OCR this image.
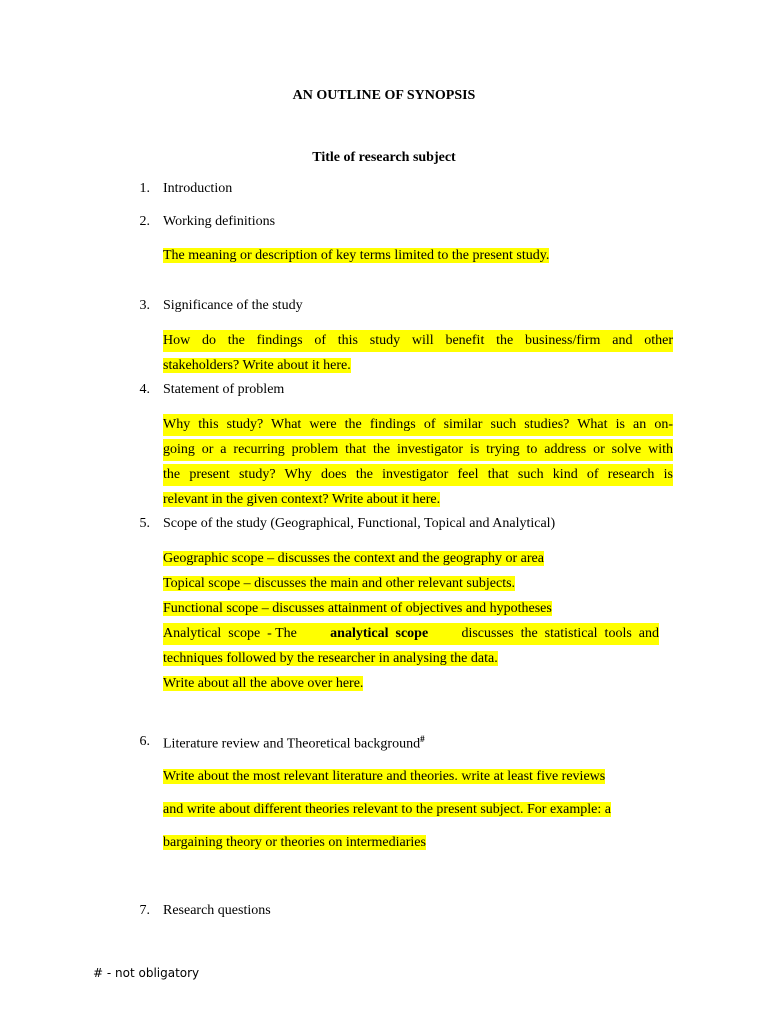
AN OUTLINE OF SYNOPSIS
Title of research subject
1. Introduction
2. Working definitions
The meaning or description of key terms limited to the present study.
3. Significance of the study
How do the findings of this study will benefit the business/firm and other
stakeholders? Write about it here.
4. Statement of problem
Why this study? What were the findings of similar such studies? What is an on-
going or a recurring problem that the investigator is trying to address or solve with
the present study? Why does the investigator feel that such kind of research is
relevant in the given context? Write about it here.
5. Scope of the study (Geographical, Functional, Topical and Analytical)
Geographic scope – discusses the context and the geography or area
Topical scope – discusses the main and other relevant subjects.
Functional scope – discusses attainment of objectives and hypotheses
Analytical  scope  - The analytical  scope discusses  the  statistical  tools  and
techniques followed by the researcher in analysing the data.
Write about all the above over here.
6. Literature review and Theoretical background#
Write about the most relevant literature and theories. write at least five reviews
and write about different theories relevant to the present subject. For example: a
bargaining theory or theories on intermediaries
7. Research questions
# - not obligatory
